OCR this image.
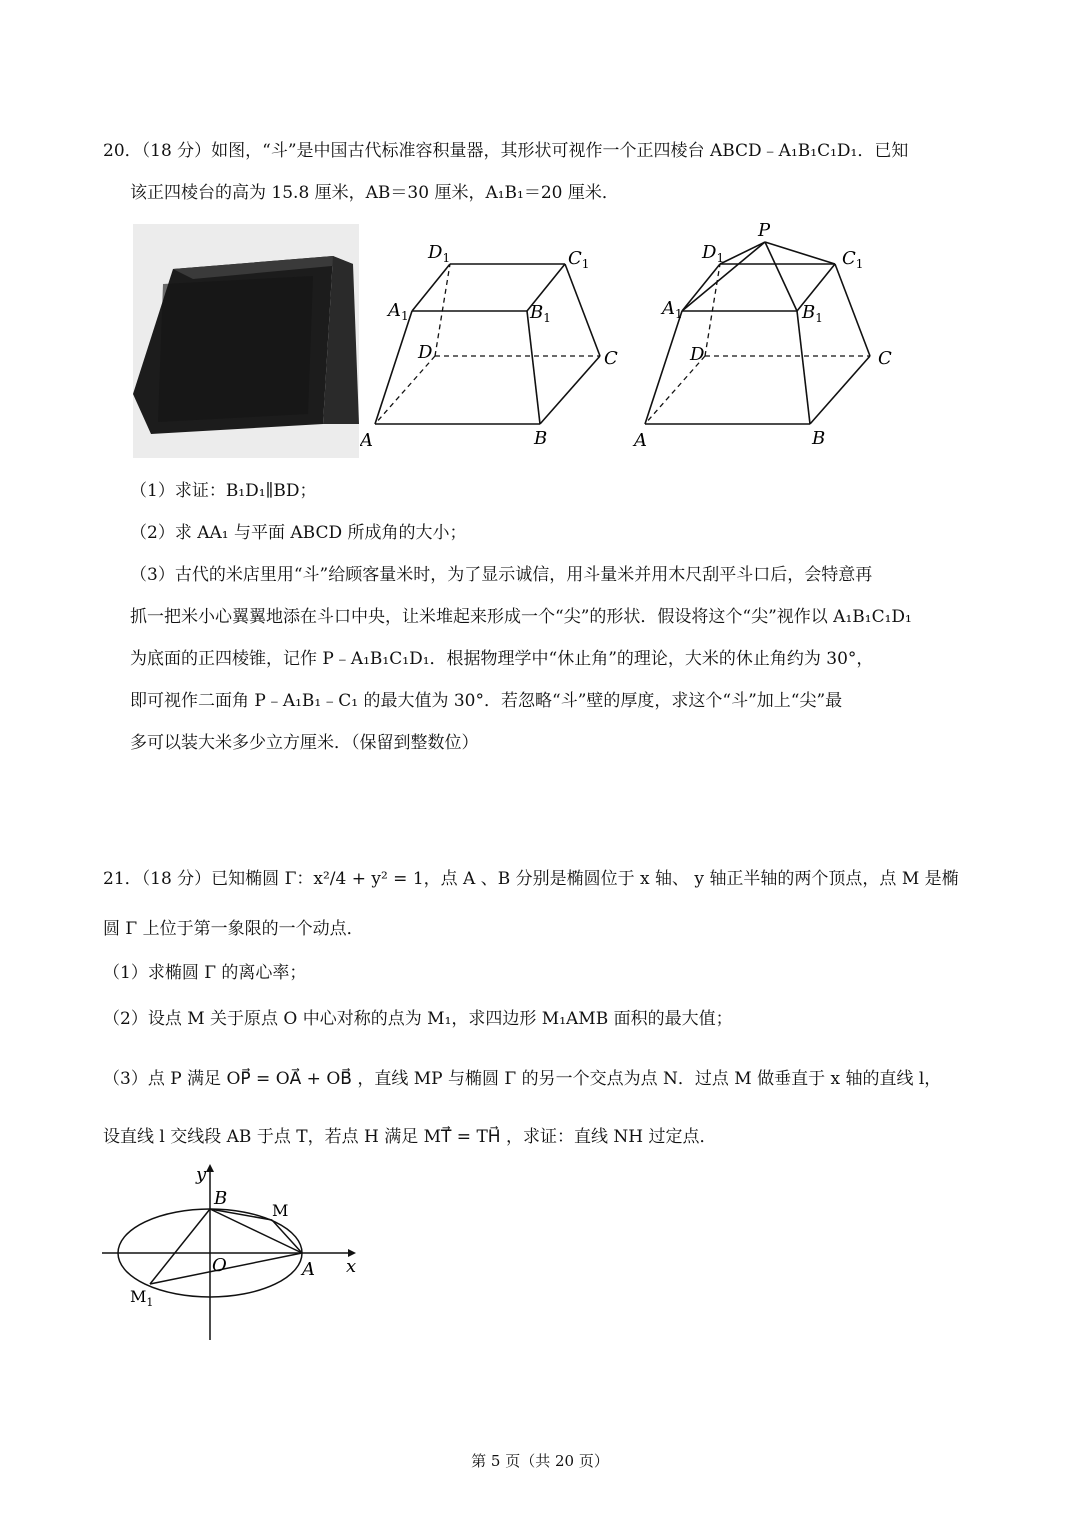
20．（18 分）如图，“斗”是中国古代标准容积量器，其形状可视作一个正四棱台 ABCD﹣A₁B₁C₁D₁．已知
该正四棱台的高为 15.8 厘米，AB＝30 厘米，A₁B₁＝20 厘米．
$D_1$	$C_1$
$A_1$	$B_1$
D	C
A	B
P
$D_1$	$C_1$
$A_1$	$B_1$
D	C
A	B
（1）求证：B₁D₁∥BD；
（2）求 AA₁ 与平面 ABCD 所成角的大小；
（3）古代的米店里用“斗”给顾客量米时，为了显示诚信，用斗量米并用木尺刮平斗口后，会特意再
抓一把米小心翼翼地添在斗口中央，让米堆起来形成一个“尖”的形状．假设将这个“尖”视作以 A₁B₁C₁D₁
为底面的正四棱锥，记作 P﹣A₁B₁C₁D₁．根据物理学中“休止角”的理论，大米的休止角约为 30°，
即可视作二面角 P﹣A₁B₁﹣C₁ 的最大值为 30°．若忽略“斗”壁的厚度，求这个“斗”加上“尖”最
多可以装大米多少立方厘米．（保留到整数位）
21．（18 分）已知椭圆 Γ：x²/4 + y² = 1，点 A 、B 分别是椭圆位于 x 轴、 y 轴正半轴的两个顶点，点 M 是椭
圆 Γ 上位于第一象限的一个动点．
（1）求椭圆 Γ 的离心率；
（2）设点 M 关于原点 O 中心对称的点为 M₁，求四边形 M₁AMB 面积的最大值；
（3）点 P 满足 OP⃗ = OA⃗ + OB⃗ ，直线 MP 与椭圆 Γ 的另一个交点为点 N．过点 M 做垂直于 x 轴的直线 l，
设直线 l 交线段 AB 于点 T，若点 H 满足 MT⃗ = TH⃗ ，求证：直线 NH 过定点．
x
y
B
M
O	A
$M_1$
第 5 页（共 20 页）
